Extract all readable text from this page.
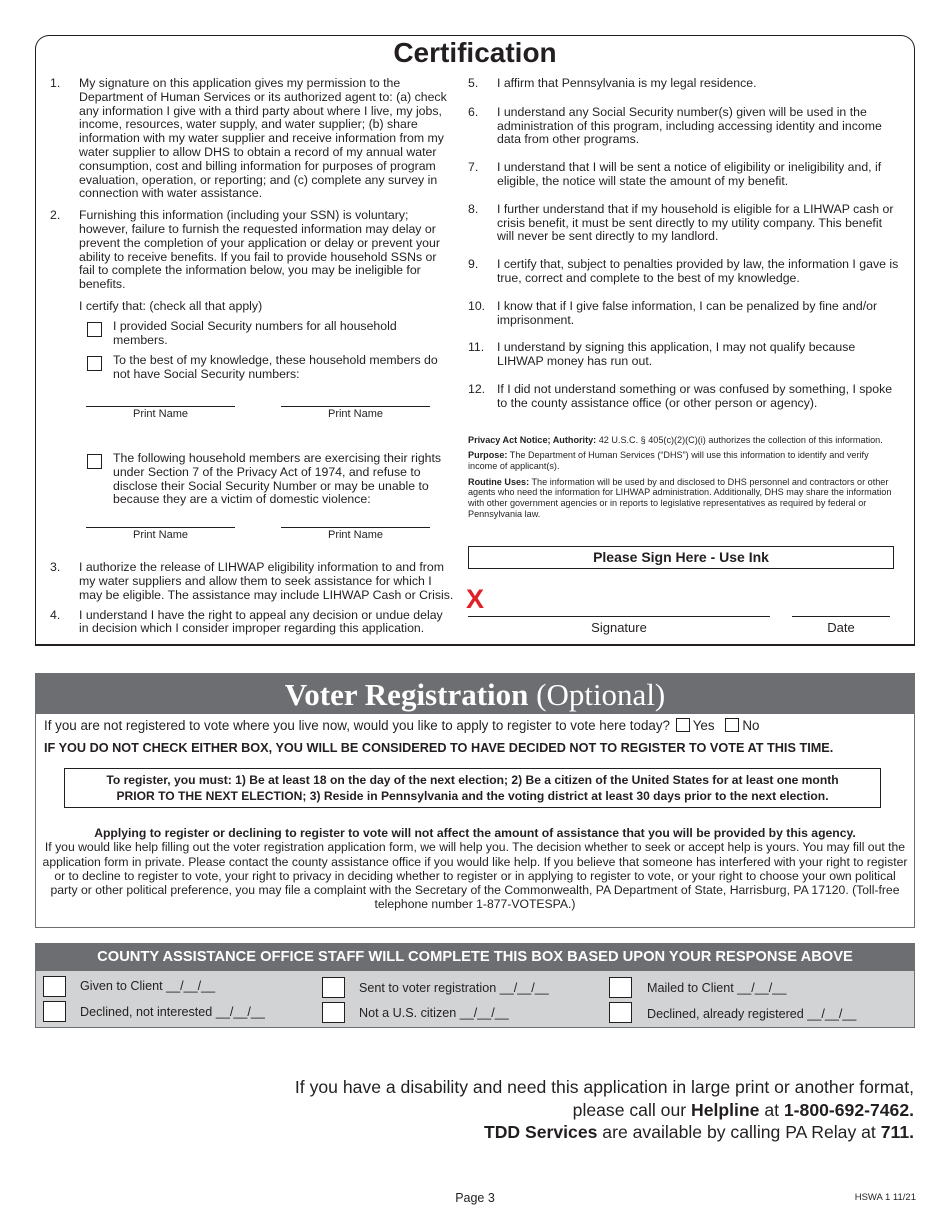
Certification
1. My signature on this application gives my permission to the Department of Human Services or its authorized agent to: (a) check any information I give with a third party about where I live, my jobs, income, resources, water supply, and water supplier; (b) share information with my water supplier and receive information from my water supplier to allow DHS to obtain a record of my annual water consumption, cost and billing information for purposes of program evaluation, operation, or reporting; and (c) complete any survey in connection with water assistance.
2. Furnishing this information (including your SSN) is voluntary; however, failure to furnish the requested information may delay or prevent the completion of your application or delay or prevent your ability to receive benefits. If you fail to provide household SSNs or fail to complete the information below, you may be ineligible for benefits.
I certify that: (check all that apply)
I provided Social Security numbers for all household members.
To the best of my knowledge, these household members do not have Social Security numbers:
Print Name	Print Name
The following household members are exercising their rights under Section 7 of the Privacy Act of 1974, and refuse to disclose their Social Security Number or may be unable to because they are a victim of domestic violence:
Print Name	Print Name
3. I authorize the release of LIHWAP eligibility information to and from my water suppliers and allow them to seek assistance for which I may be eligible. The assistance may include LIHWAP Cash or Crisis.
4. I understand I have the right to appeal any decision or undue delay in decision which I consider improper regarding this application.
5. I affirm that Pennsylvania is my legal residence.
6. I understand any Social Security number(s) given will be used in the administration of this program, including accessing identity and income data from other programs.
7. I understand that I will be sent a notice of eligibility or ineligibility and, if eligible, the notice will state the amount of my benefit.
8. I further understand that if my household is eligible for a LIHWAP cash or crisis benefit, it must be sent directly to my utility company. This benefit will never be sent directly to my landlord.
9. I certify that, subject to penalties provided by law, the information I gave is true, correct and complete to the best of my knowledge.
10. I know that if I give false information, I can be penalized by fine and/or imprisonment.
11. I understand by signing this application, I may not qualify because LIHWAP money has run out.
12. If I did not understand something or was confused by something, I spoke to the county assistance office (or other person or agency).
Privacy Act Notice; Authority: 42 U.S.C. § 405(c)(2)(C)(i) authorizes the collection of this information.
Purpose: The Department of Human Services (“DHS”) will use this information to identify and verify income of applicant(s).
Routine Uses: The information will be used by and disclosed to DHS personnel and contractors or other agents who need the information for LIHWAP administration. Additionally, DHS may share the information with other government agencies or in reports to legislative representatives as required by federal or Pennsylvania law.
Please Sign Here - Use Ink
X
Signature	Date
Voter Registration (Optional)
If you are not registered to vote where you live now, would you like to apply to register to vote here today? Yes No
IF YOU DO NOT CHECK EITHER BOX, YOU WILL BE CONSIDERED TO HAVE DECIDED NOT TO REGISTER TO VOTE AT THIS TIME.
To register, you must: 1) Be at least 18 on the day of the next election; 2) Be a citizen of the United States for at least one month
PRIOR TO THE NEXT ELECTION; 3) Reside in Pennsylvania and the voting district at least 30 days prior to the next election.
Applying to register or declining to register to vote will not affect the amount of assistance that you will be provided by this agency.
If you would like help filling out the voter registration application form, we will help you. The decision whether to seek or accept help is yours. You may fill out the application form in private. Please contact the county assistance office if you would like help. If you believe that someone has interfered with your right to register or to decline to register to vote, your right to privacy in deciding whether to register or in applying to register to vote, or your right to choose your own political party or other political preference, you may file a complaint with the Secretary of the Commonwealth, PA Department of State, Harrisburg, PA 17120. (Toll-free telephone number 1-877-VOTESPA.)
COUNTY ASSISTANCE OFFICE STAFF WILL COMPLETE THIS BOX BASED UPON YOUR RESPONSE ABOVE
Given to Client __/__/__	Sent to voter registration __/__/__	Mailed to Client __/__/__
Declined, not interested __/__/__	Not a U.S. citizen __/__/__	Declined, already registered __/__/__
If you have a disability and need this application in large print or another format,
please call our Helpline at 1-800-692-7462.
TDD Services are available by calling PA Relay at 711.
Page 3	HSWA 1 11/21
